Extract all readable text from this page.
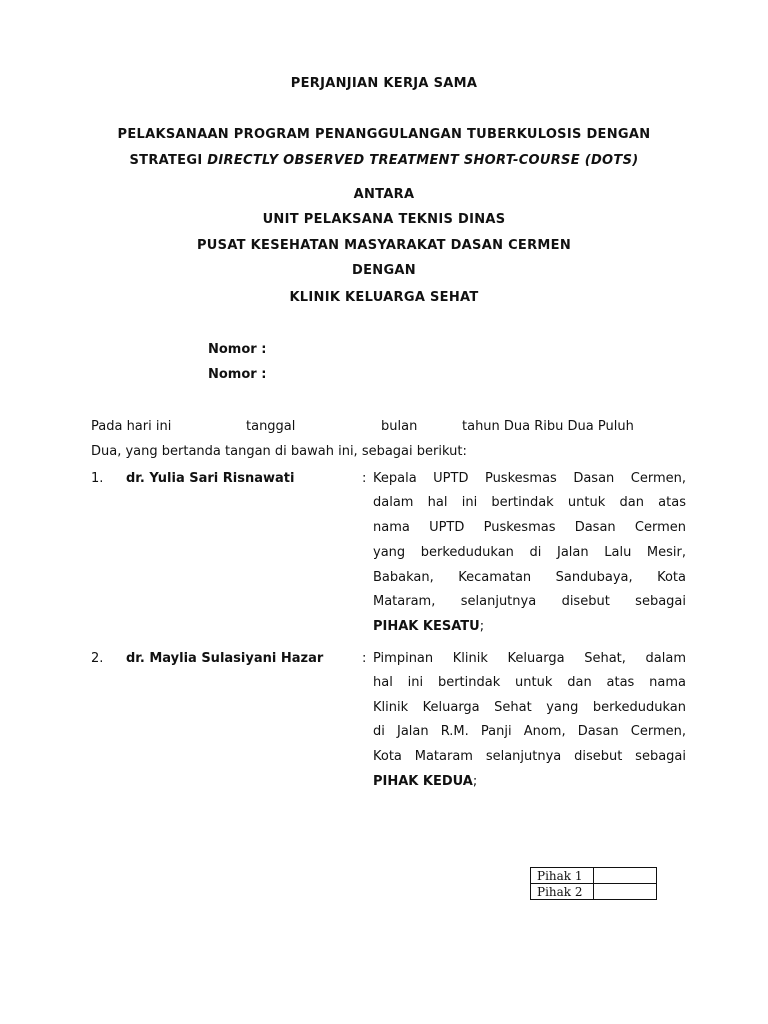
PERJANJIAN KERJA SAMA
PELAKSANAAN PROGRAM PENANGGULANGAN TUBERKULOSIS DENGAN
STRATEGI DIRECTLY OBSERVED TREATMENT SHORT-COURSE (DOTS)
ANTARA
UNIT PELAKSANA TEKNIS DINAS
PUSAT KESEHATAN MASYARAKAT DASAN CERMEN
DENGAN
KLINIK KELUARGA SEHAT
Nomor :
Nomor :
Pada hari ini	tanggal	bulan	tahun Dua Ribu Dua Puluh
Dua, yang bertanda tangan di bawah ini, sebagai berikut:
1. dr. Yulia Sari Risnawati	: Kepala UPTD Puskesmas Dasan Cermen,
dalam hal ini bertindak untuk dan atas
nama UPTD Puskesmas Dasan Cermen
yang berkedudukan di Jalan Lalu Mesir,
Babakan, Kecamatan Sandubaya, Kota
Mataram, selanjutnya disebut sebagai
PIHAK KESATU;
2. dr. Maylia Sulasiyani Hazar	: Pimpinan Klinik Keluarga Sehat, dalam
hal ini bertindak untuk dan atas nama
Klinik Keluarga Sehat yang berkedudukan
di Jalan R.M. Panji Anom, Dasan Cermen,
Kota Mataram selanjutnya disebut sebagai
PIHAK KEDUA;
Pihak 1	
Pihak 2	
